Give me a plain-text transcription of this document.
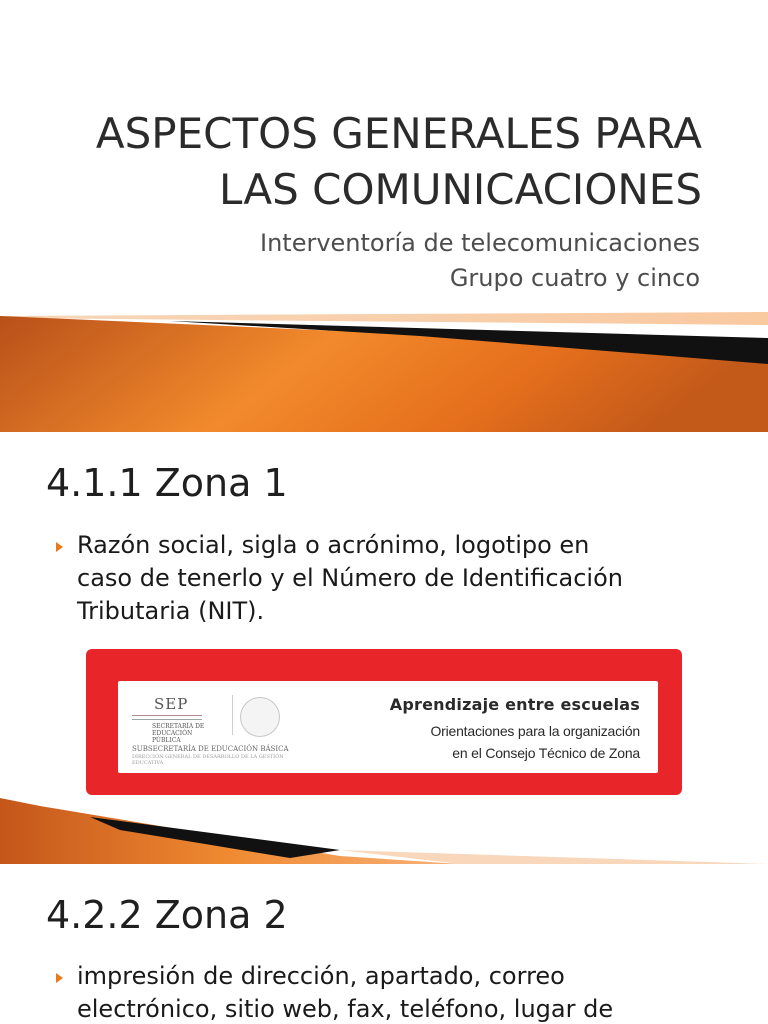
ASPECTOS GENERALES PARA
LAS COMUNICACIONES
Interventoría de telecomunicaciones
Grupo cuatro y cinco
4.1.1 Zona 1
Razón social, sigla o acrónimo, logotipo en
caso de tenerlo y el Número de Identificación
Tributaria (NIT).
SEP
SECRETARÍA DE
EDUCACIÓN PÚBLICA
SUBSECRETARÍA DE EDUCACIÓN BÁSICA
DIRECCIÓN GENERAL DE DESARROLLO DE LA GESTIÓN EDUCATIVA
Aprendizaje entre escuelas
Orientaciones para la organización
en el Consejo Técnico de Zona
4.2.2 Zona 2
impresión de dirección, apartado, correo
electrónico, sitio web, fax, teléfono, lugar de
